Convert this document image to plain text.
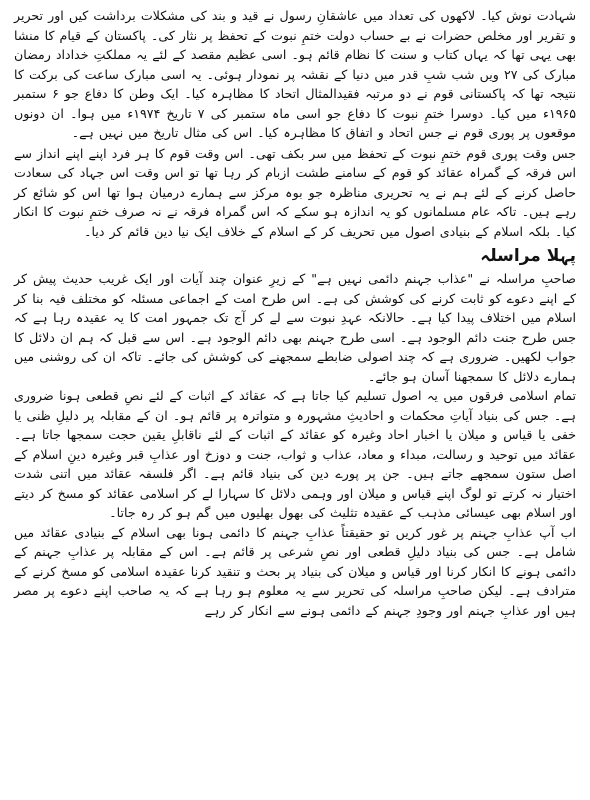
شہادت نوش کیا۔ لاکھوں کی تعداد میں عاشقانِ رسول نے قید و بند کی مشکلات برداشت کیں اور تحریر و تقریر اور مخلص حضرات نے بے حساب دولت ختمِ نبوت کے تحفظ پر نثار کی۔ پاکستان کے قیام کا منشا بھی یہی تھا کہ یہاں کتاب و سنت کا نظام قائم ہو۔ اسی عظیم مقصد کے لئے یہ مملکتِ خداداد رمضان مبارک کی ۲۷ ویں شب شبِ قدر میں دنیا کے نقشہ پر نمودار ہوئی۔ یہ اسی مبارک ساعت کی برکت کا نتیجہ تھا کہ پاکستانی قوم نے دو مرتبہ فقیدالمثال اتحاد کا مظاہرہ کیا۔ ایک وطن کا دفاع جو ۶ ستمبر ۱۹۶۵ء میں کیا۔ دوسرا ختمِ نبوت کا دفاع جو اسی ماہ ستمبر کی ۷ تاریخ ۱۹۷۴ء میں ہوا۔ ان دونوں موقعوں پر پوری قوم نے جس اتحاد و اتفاق کا مظاہرہ کیا۔ اس کی مثال تاریخ میں نہیں ہے۔

جس وقت پوری قوم ختمِ نبوت کے تحفظ میں سر بکف تھی۔ اس وقت قوم کا ہر فرد اپنے اپنے انداز سے اس فرقہ کے گمراہ عقائد کو قوم کے سامنے طشت ازبام کر رہا تھا تو اس وقت اس جہاد کی سعادت حاصل کرنے کے لئے ہم نے یہ تحریری مناظرہ جو بوہ مرکز سے ہمارے درمیان ہوا تھا اس کو شائع کر رہے ہیں۔ تاکہ عام مسلمانوں کو یہ اندازہ ہو سکے کہ اس گمراہ فرقہ نے نہ صرف ختمِ نبوت کا انکار کیا۔ بلکہ اسلام کے بنیادی اصول میں تحریف کر کے اسلام کے خلاف ایک نیا دین قائم کر دیا۔

پہلا مراسلہ

صاحبِ مراسلہ نے "عذاب جہنم دائمی نہیں ہے" کے زیرِ عنوان چند آیات اور ایک غریب حدیث پیش کر کے اپنے دعوے کو ثابت کرنے کی کوشش کی ہے۔ اس طرح امت کے اجماعی مسئلہ کو مختلف فیہ بنا کر اسلام میں اختلاف پیدا کیا ہے۔ حالانکہ عہدِ نبوت سے لے کر آج تک جمہور امت کا یہ عقیدہ رہا ہے کہ جس طرح جنت دائم الوجود ہے۔ اسی طرح جہنم بھی دائم الوجود ہے۔ اس سے قبل کہ ہم ان دلائل کا جواب لکھیں۔ ضروری ہے کہ چند اصولی ضابطے سمجھنے کی کوشش کی جائے۔ تاکہ ان کی روشنی میں ہمارے دلائل کا سمجھنا آسان ہو جائے۔

تمام اسلامی فرقوں میں یہ اصول تسلیم کیا جاتا ہے کہ عقائد کے اثبات کے لئے نصِ قطعی ہونا ضروری ہے۔ جس کی بنیاد آیاتِ محکمات و احادیثِ مشہورہ و متواترہ پر قائم ہو۔ ان کے مقابلہ پر دلیلِ ظنی یا خفی یا قیاس و میلان یا اخبار احاد وغیرہ کو عقائد کے اثبات کے لئے ناقابلِ یقین حجت سمجھا جاتا ہے۔ عقائد میں توحید و رسالت، مبداء و معاد، عذاب و ثواب، جنت و دوزخ اور عذابِ قبر وغیرہ دینِ اسلام کے اصل ستون سمجھے جاتے ہیں۔ جن پر پورے دین کی بنیاد قائم ہے۔ اگر فلسفہ عقائد میں اتنی شدت اختیار نہ کرتے تو لوگ اپنے قیاس و میلان اور وہمی دلائل کا سہارا لے کر اسلامی عقائد کو مسخ کر دیتے اور اسلام بھی عیسائی مذہب کے عقیدہ تثلیث کی بھول بھلیوں میں گم ہو کر رہ جاتا۔

اب آپ عذابِ جہنم پر غور کریں تو حقیقتاً عذابِ جہنم کا دائمی ہونا بھی اسلام کے بنیادی عقائد میں شامل ہے۔ جس کی بنیاد دلیلِ قطعی اور نصِ شرعی پر قائم ہے۔ اس کے مقابلہ پر عذابِ جہنم کے دائمی ہونے کا انکار کرنا اور قیاس و میلان کی بنیاد پر بحث و تنقید کرنا عقیدہ اسلامی کو مسخ کرنے کے مترادف ہے۔ لیکن صاحبِ مراسلہ کی تحریر سے یہ معلوم ہو رہا ہے کہ یہ صاحب اپنے دعوے پر مصر ہیں اور عذابِ جہنم اور وجودِ جہنم کے دائمی ہونے سے انکار کر رہے
